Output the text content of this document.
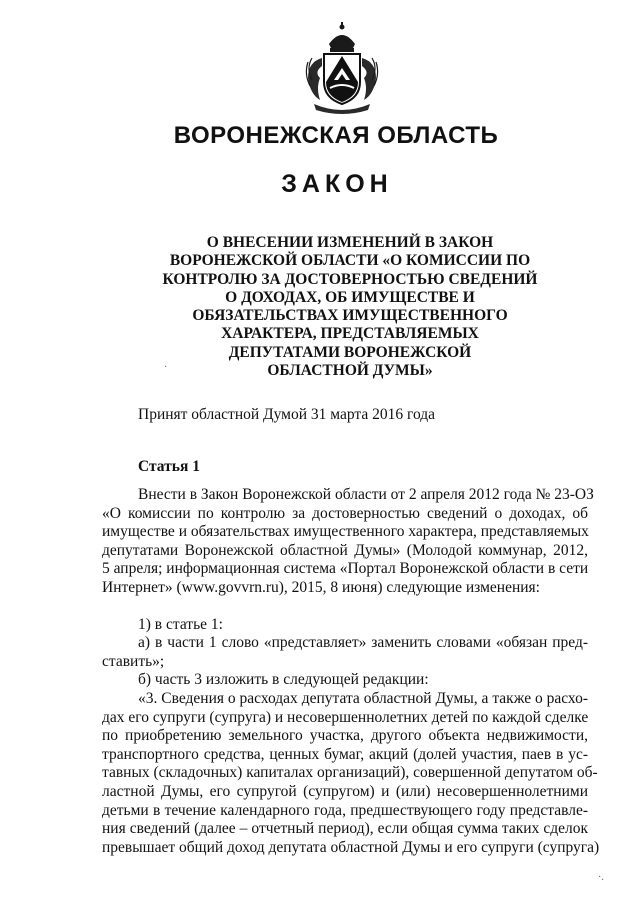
ВОРОНЕЖСКАЯ ОБЛАСТЬ
ЗАКОН
О ВНЕСЕНИИ ИЗМЕНЕНИЙ В ЗАКОН
ВОРОНЕЖСКОЙ ОБЛАСТИ «О КОМИССИИ ПО
КОНТРОЛЮ ЗА ДОСТОВЕРНОСТЬЮ СВЕДЕНИЙ
О ДОХОДАХ, ОБ ИМУЩЕСТВЕ И
ОБЯЗАТЕЛЬСТВАХ ИМУЩЕСТВЕННОГО
ХАРАКТЕРА, ПРЕДСТАВЛЯЕМЫХ
ДЕПУТАТАМИ ВОРОНЕЖСКОЙ
ОБЛАСТНОЙ ДУМЫ»
Принят областной Думой 31 марта 2016 года
Статья 1
Внести в Закон Воронежской области от 2 апреля 2012 года № 23-ОЗ
«О комиссии по контролю за достоверностью сведений о доходах, об
имуществе и обязательствах имущественного характера, представляемых
депутатами Воронежской областной Думы» (Молодой коммунар, 2012,
5 апреля; информационная система «Портал Воронежской области в сети
Интернет» (www.govvrn.ru), 2015, 8 июня) следующие изменения:
1) в статье 1:
а) в части 1 слово «представляет» заменить словами «обязан пред-
ставить»;
б) часть 3 изложить в следующей редакции:
«3. Сведения о расходах депутата областной Думы, а также о расхо-
дах его супруги (супруга) и несовершеннолетних детей по каждой сделке
по приобретению земельного участка, другого объекта недвижимости,
транспортного средства, ценных бумаг, акций (долей участия, паев в ус-
тавных (складочных) капиталах организаций), совершенной депутатом об-
ластной Думы, его супругой (супругом) и (или) несовершеннолетними
детьми в течение календарного года, предшествующего году представле-
ния сведений (далее – отчетный период), если общая сумма таких сделок
превышает общий доход депутата областной Думы и его супруги (супруга)
·
·.
